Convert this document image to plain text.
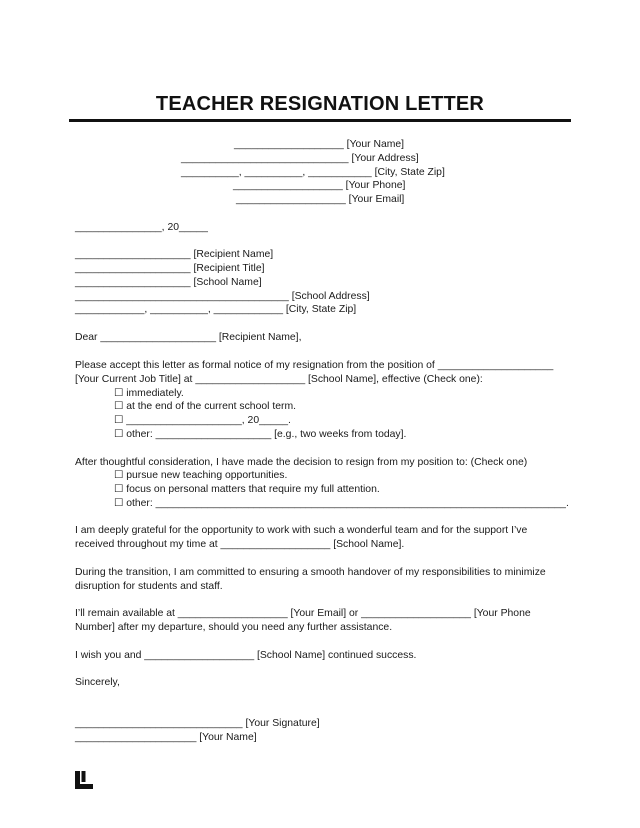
TEACHER RESIGNATION LETTER
___________________ [Your Name]
_____________________________ [Your Address]
__________, __________, ___________ [City, State Zip]
___________________ [Your Phone]
___________________ [Your Email]
_______________, 20_____
____________________ [Recipient Name]
____________________ [Recipient Title]
____________________ [School Name]
_____________________________________ [School Address]
____________, __________, ____________ [City, State Zip]
Dear ____________________ [Recipient Name],
Please accept this letter as formal notice of my resignation from the position of ____________________
[Your Current Job Title] at ___________________ [School Name], effective (Check one):
☐ immediately.
☐ at the end of the current school term.
☐ ____________________, 20_____.
☐ other: ____________________ [e.g., two weeks from today].
After thoughtful consideration, I have made the decision to resign from my position to: (Check one)
☐ pursue new teaching opportunities.
☐ focus on personal matters that require my full attention.
☐ other: _______________________________________________________________________.
I am deeply grateful for the opportunity to work with such a wonderful team and for the support I’ve
received throughout my time at ___________________ [School Name].
During the transition, I am committed to ensuring a smooth handover of my responsibilities to minimize
disruption for students and staff.
I’ll remain available at ___________________ [Your Email] or ___________________ [Your Phone
Number] after my departure, should you need any further assistance.
I wish you and ___________________ [School Name] continued success.
Sincerely,
_____________________________ [Your Signature]
_____________________ [Your Name]
